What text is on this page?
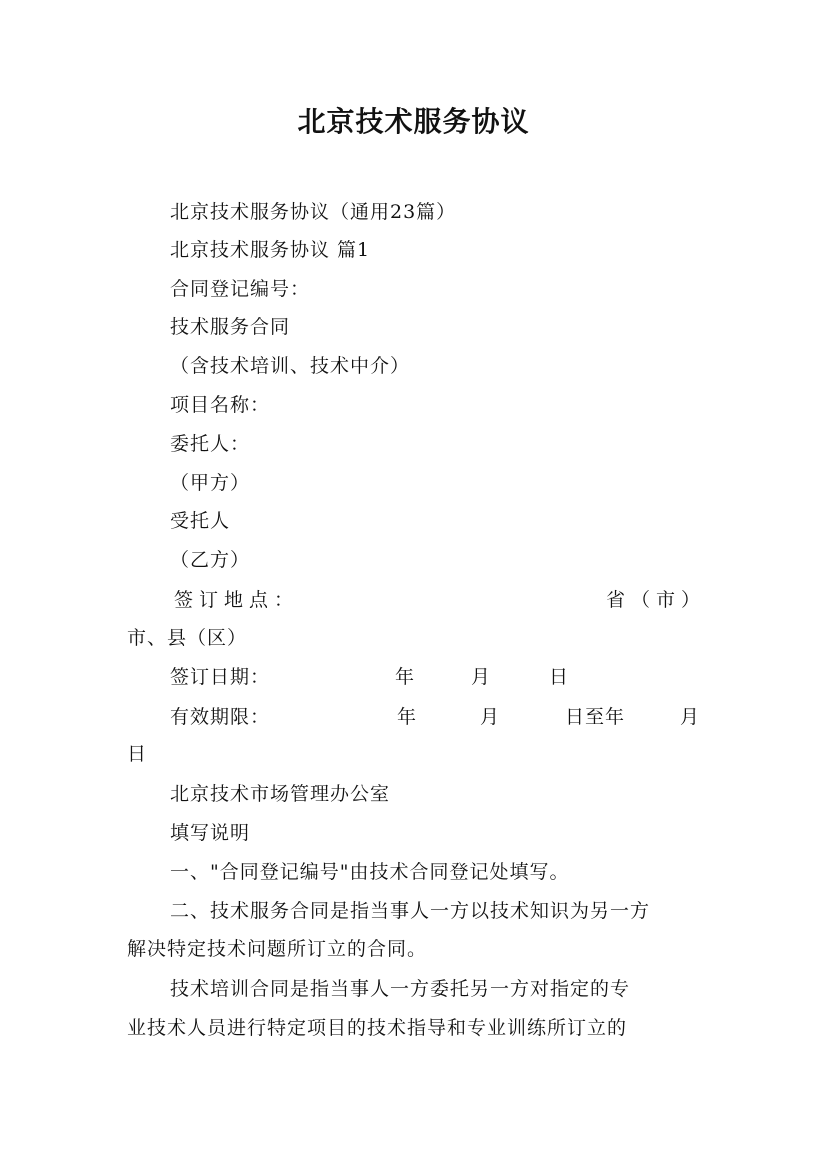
北京技术服务协议
北京技术服务协议（通用23篇）
北京技术服务协议 篇1
合同登记编号：
技术服务合同
（含技术培训、技术中介）
项目名称：
委托人：
（甲方）
受托人
（乙方）
签订地点：	省（市）
市、县（区）
签订日期：	年	月	日
有效期限：	年	月	日至年	月
日
北京技术市场管理办公室
填写说明
一、"合同登记编号"由技术合同登记处填写。
二、技术服务合同是指当事人一方以技术知识为另一方
解决特定技术问题所订立的合同。
技术培训合同是指当事人一方委托另一方对指定的专
业技术人员进行特定项目的技术指导和专业训练所订立的
